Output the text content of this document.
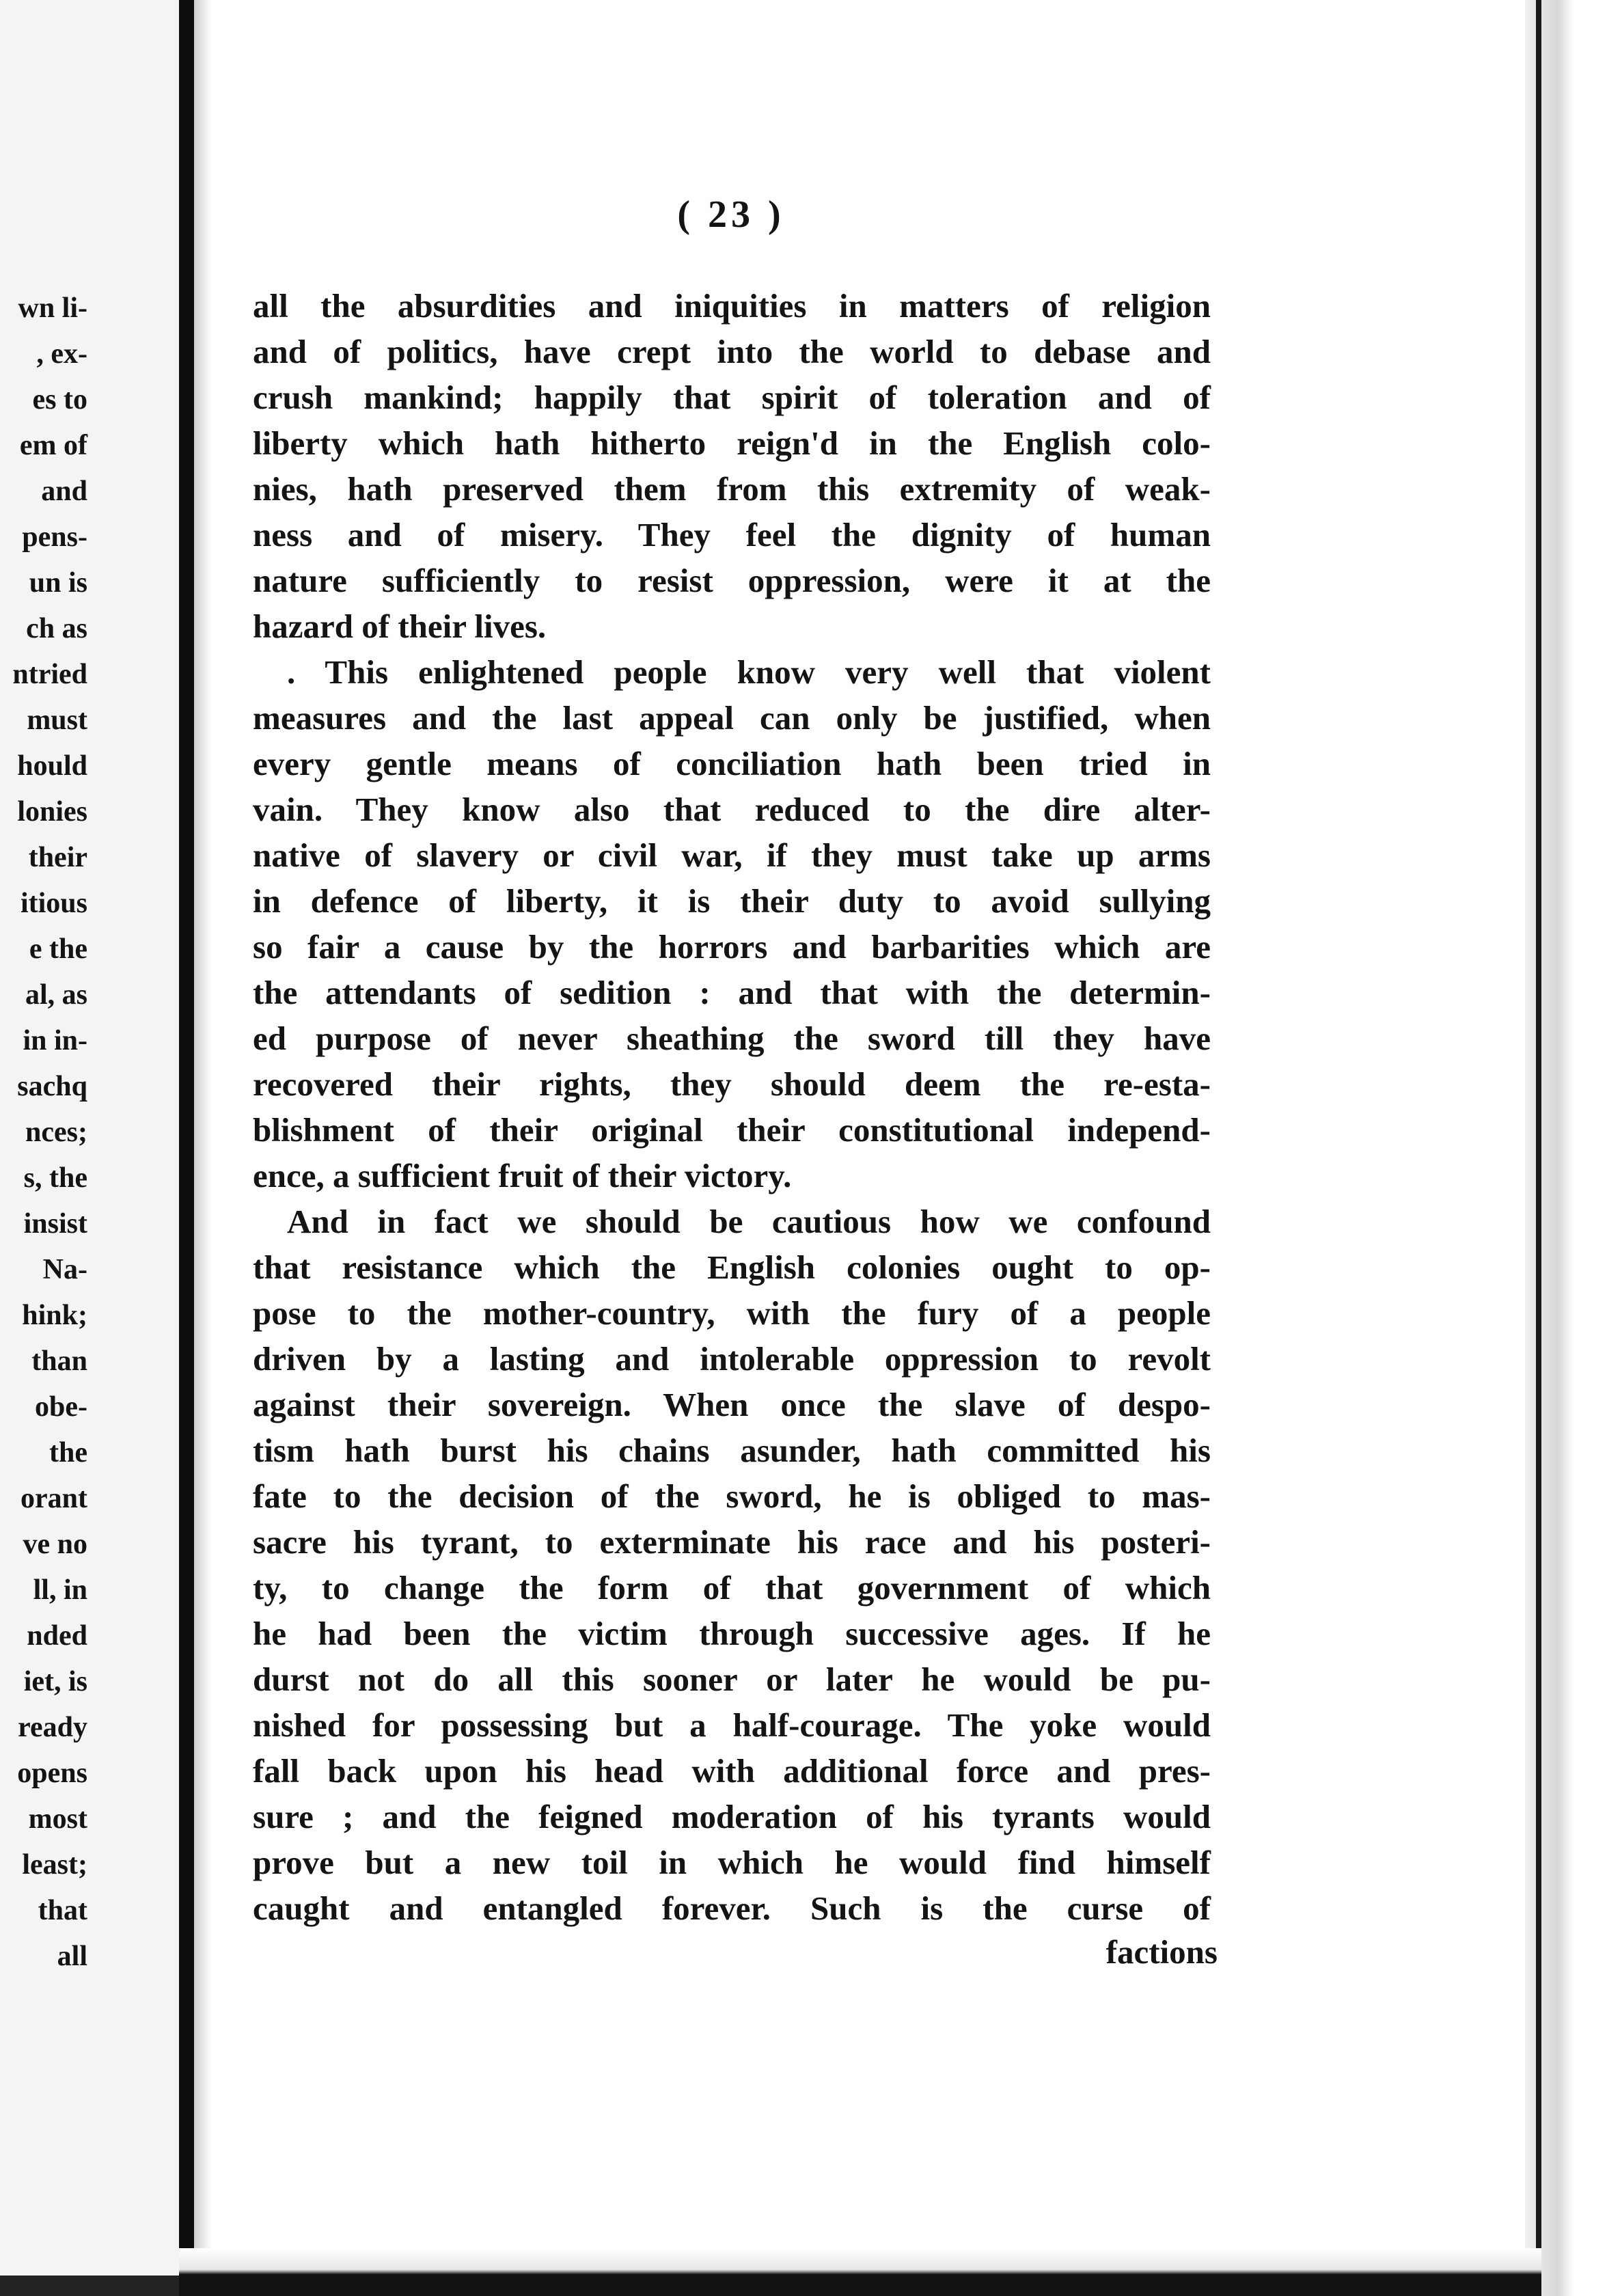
wn li-
, ex-
es to
em of
and
pens-
un is
ch as
ntried
must
hould
lonies
their
itious
e the
al, as
in in-
sachq
nces;
s, the
insist
Na-
hink;
than
obe-
the
orant
ve no
ll, in
nded
iet, is
ready
opens
most
least;
that
all
( 23 )
all the absurdities and iniquities in matters of religion
and of politics, have crept into the world to debase and
crush mankind; happily that spirit of toleration and of
liberty which hath hitherto reign'd in the English colo-
nies, hath preserved them from this extremity of weak-
ness and of misery. They feel the dignity of human
nature sufficiently to resist oppression, were it at the
hazard of their lives.
. This enlightened people know very well that violent
measures and the last appeal can only be justified, when
every gentle means of conciliation hath been tried in
vain. They know also that reduced to the dire alter-
native of slavery or civil war, if they must take up arms
in defence of liberty, it is their duty to avoid sullying
so fair a cause by the horrors and barbarities which are
the attendants of sedition : and that with the determin-
ed purpose of never sheathing the sword till they have
recovered their rights, they should deem the re-esta-
blishment of their original their constitutional independ-
ence, a sufficient fruit of their victory.
And in fact we should be cautious how we confound
that resistance which the English colonies ought to op-
pose to the mother-country, with the fury of a people
driven by a lasting and intolerable oppression to revolt
against their sovereign. When once the slave of despo-
tism hath burst his chains asunder, hath committed his
fate to the decision of the sword, he is obliged to mas-
sacre his tyrant, to exterminate his race and his posteri-
ty, to change the form of that government of which
he had been the victim through successive ages. If he
durst not do all this sooner or later he would be pu-
nished for possessing but a half-courage. The yoke would
fall back upon his head with additional force and pres-
sure ; and the feigned moderation of his tyrants would
prove but a new toil in which he would find himself
caught and entangled forever. Such is the curse of
factions
